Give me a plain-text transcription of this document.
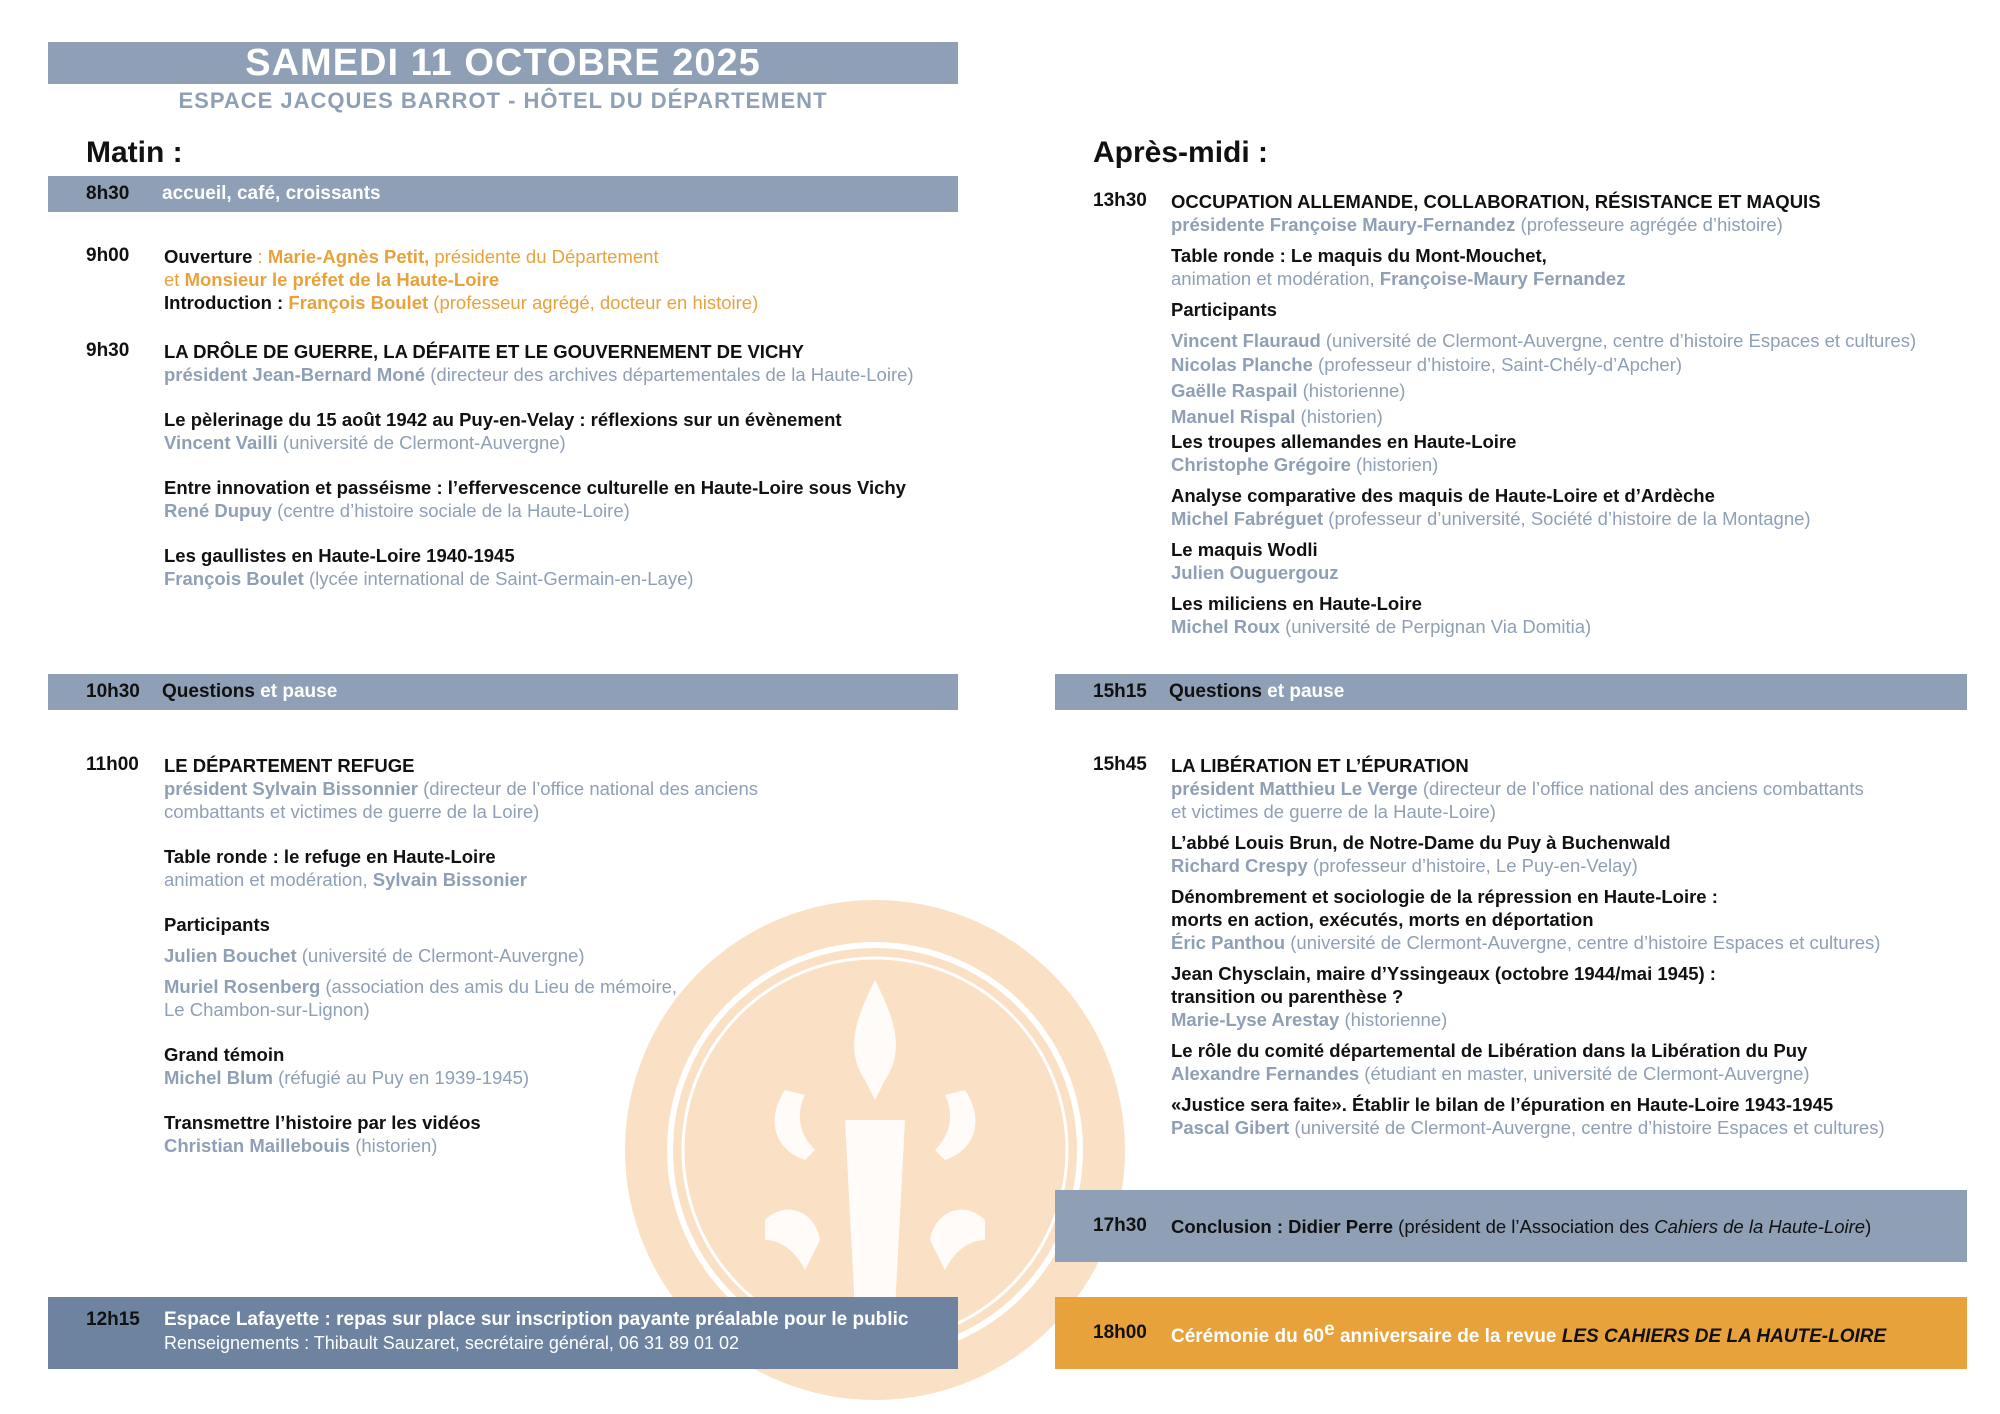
SAMEDI 11 OCTOBRE 2025
ESPACE JACQUES BARROT - HÔTEL DU DÉPARTEMENT
Matin :
8h30	accueil, café, croissants
9h00	Ouverture : Marie-Agnès Petit, présidente du Département
et Monsieur le préfet de la Haute-Loire
Introduction : François Boulet (professeur agrégé, docteur en histoire)
9h30	LA DRÔLE DE GUERRE, LA DÉFAITE ET LE GOUVERNEMENT DE VICHY
président Jean-Bernard Moné (directeur des archives départementales de la Haute-Loire)
Le pèlerinage du 15 août 1942 au Puy-en-Velay : réflexions sur un évènement
Vincent Vailli (université de Clermont-Auvergne)
Entre innovation et passéisme : l’effervescence culturelle en Haute-Loire sous Vichy
René Dupuy (centre d’histoire sociale de la Haute-Loire)
Les gaullistes en Haute-Loire 1940-1945
François Boulet (lycée international de Saint-Germain-en-Laye)
10h30	Questions et pause
11h00	LE DÉPARTEMENT REFUGE
président Sylvain Bissonnier (directeur de l’office national des anciens
combattants et victimes de guerre de la Loire)
Table ronde : le refuge en Haute-Loire
animation et modération, Sylvain Bissonier
Participants
Julien Bouchet (université de Clermont-Auvergne)
Muriel Rosenberg (association des amis du Lieu de mémoire,
Le Chambon-sur-Lignon)
Grand témoin
Michel Blum (réfugié au Puy en 1939-1945)
Transmettre l’histoire par les vidéos
Christian Maillebouis (historien)
12h15	Espace Lafayette : repas sur place sur inscription payante préalable pour le public
Renseignements : Thibault Sauzaret, secrétaire général, 06 31 89 01 02
Après-midi :
13h30	OCCUPATION ALLEMANDE, COLLABORATION, RÉSISTANCE ET MAQUIS
présidente Françoise Maury-Fernandez (professeure agrégée d’histoire)
Table ronde : Le maquis du Mont-Mouchet,
animation et modération, Françoise-Maury Fernandez
Participants
Vincent Flauraud (université de Clermont-Auvergne, centre d’histoire Espaces et cultures)
Nicolas Planche (professeur d’histoire, Saint-Chély-d’Apcher)
Gaëlle Raspail (historienne)
Manuel Rispal (historien)
Les troupes allemandes en Haute-Loire
Christophe Grégoire (historien)
Analyse comparative des maquis de Haute-Loire et d’Ardèche
Michel Fabréguet (professeur d’université, Société d’histoire de la Montagne)
Le maquis Wodli
Julien Ouguergouz
Les miliciens en Haute-Loire
Michel Roux (université de Perpignan Via Domitia)
15h15	Questions et pause
15h45	LA LIBÉRATION ET L’ÉPURATION
président Matthieu Le Verge (directeur de l’office national des anciens combattants
et victimes de guerre de la Haute-Loire)
L’abbé Louis Brun, de Notre-Dame du Puy à Buchenwald
Richard Crespy (professeur d’histoire, Le Puy-en-Velay)
Dénombrement et sociologie de la répression en Haute-Loire :
morts en action, exécutés, morts en déportation
Éric Panthou (université de Clermont-Auvergne, centre d’histoire Espaces et cultures)
Jean Chysclain, maire d’Yssingeaux (octobre 1944/mai 1945) :
transition ou parenthèse ?
Marie-Lyse Arestay (historienne)
Le rôle du comité départemental de Libération dans la Libération du Puy
Alexandre Fernandes (étudiant en master, université de Clermont-Auvergne)
«Justice sera faite». Établir le bilan de l’épuration en Haute-Loire 1943-1945
Pascal Gibert (université de Clermont-Auvergne, centre d’histoire Espaces et cultures)
17h30	Conclusion : Didier Perre (président de l’Association des Cahiers de la Haute-Loire)
18h00	Cérémonie du 60e anniversaire de la revue LES CAHIERS DE LA HAUTE-LOIRE
